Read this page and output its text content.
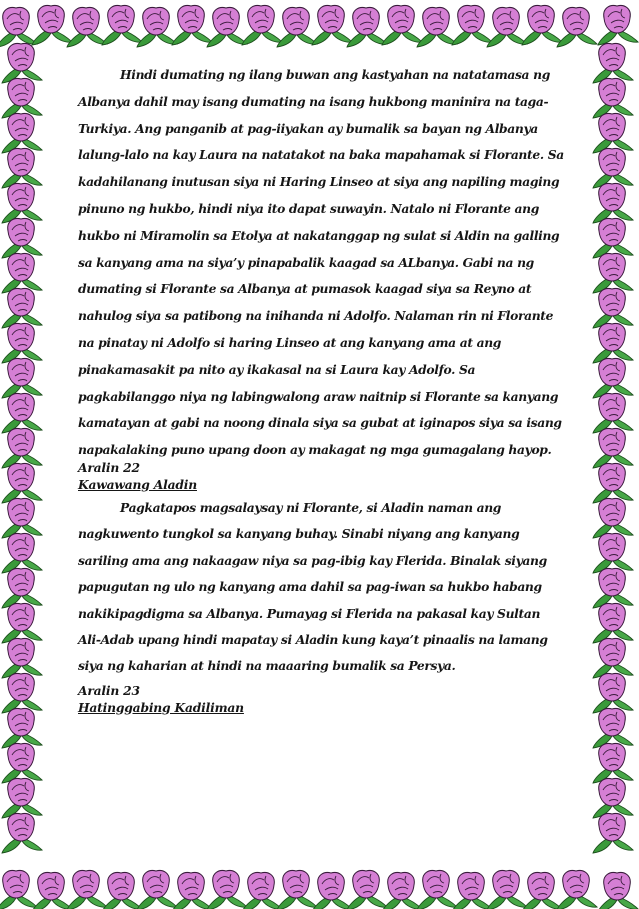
Hindi dumating ng ilang buwan ang kastyahan na natatamasa ng Albanya dahil may isang dumating na isang hukbong maninira na taga-Turkiya. Ang panganib at pag-iiyakan ay bumalik sa bayan ng Albanya lalung-lalo na kay Laura na natatakot na baka mapahamak si Florante. Sa kadahilanang inutusan siya ni Haring Linseo at siya ang napiling maging pinuno ng hukbo, hindi niya ito dapat suwayin. Natalo ni Florante ang hukbo ni Miramolin sa Etolya at nakatanggap ng sulat si Aldin na galling sa kanyang ama na siya’y pinapabalik kaagad sa ALbanya. Gabi na ng dumating si Florante sa Albanya at pumasok kaagad siya sa Reyno at nahulog siya sa patibong na inihanda ni Adolfo. Nalaman rin ni Florante na pinatay ni Adolfo si haring Linseo at ang kanyang ama at ang pinakamasakit pa nito ay ikakasal na si Laura kay Adolfo. Sa pagkabilanggo niya ng labingwalong araw naitnip si Florante sa kanyang kamatayan at gabi na noong dinala siya sa gubat at iginapos siya sa isang napakalaking puno upang doon ay makagat ng mga gumagalang hayop.

Aralin 22

Kawawang Aladin

Pagkatapos magsalaysay ni Florante, si Aladin naman ang nagkuwento tungkol sa kanyang buhay. Sinabi niyang ang kanyang sariling ama ang nakaagaw niya sa pag-ibig kay Flerida. Binalak siyang papugutan ng ulo ng kanyang ama dahil sa pag-iwan sa hukbo habang nakikipagdigma sa Albanya. Pumayag si Flerida na pakasal kay Sultan Ali-Adab upang hindi mapatay si Aladin kung kaya’t pinaalis na lamang siya ng kaharian at hindi na maaaring bumalik sa Persya.

Aralin 23

Hatinggabing Kadiliman
